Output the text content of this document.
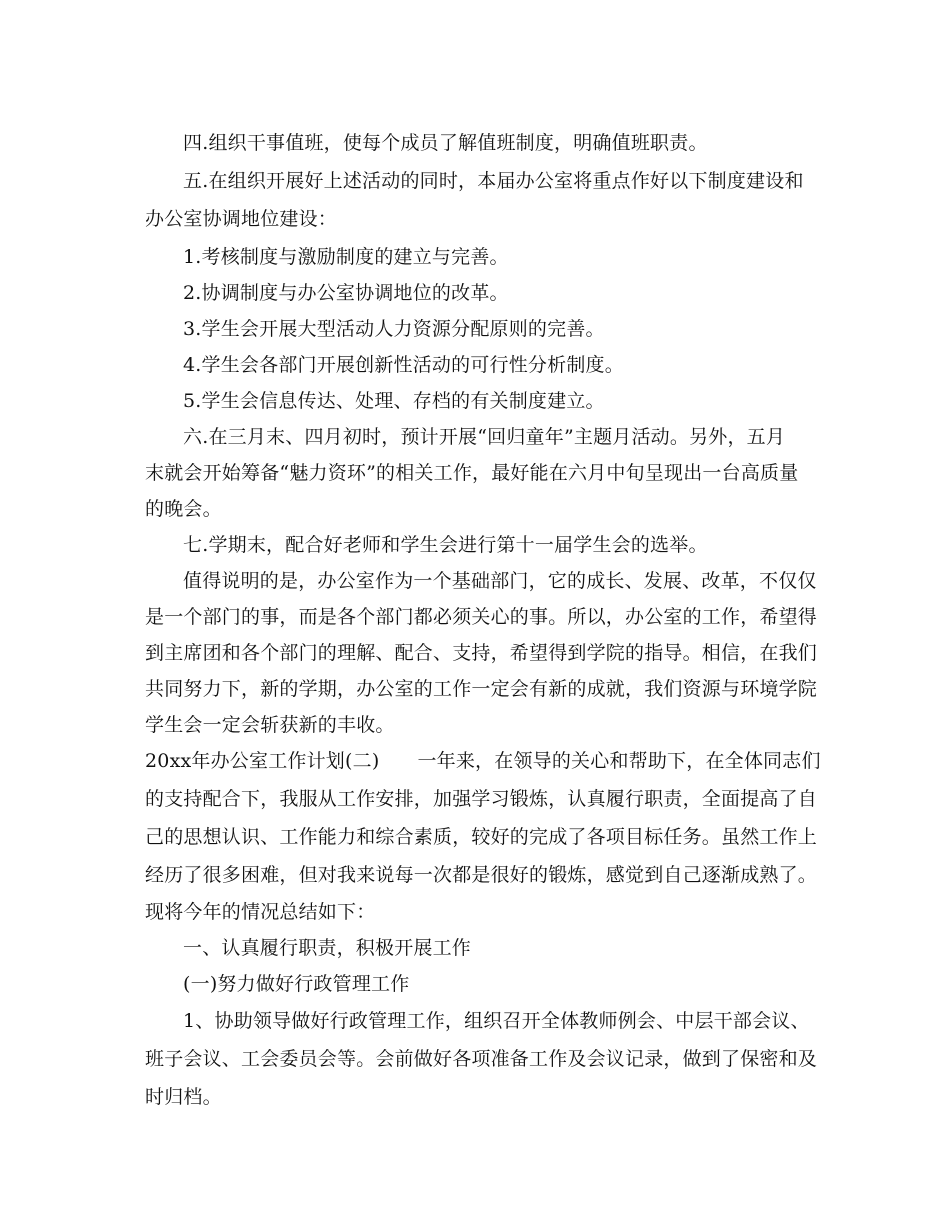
四.组织干事值班，使每个成员了解值班制度，明确值班职责。
五.在组织开展好上述活动的同时，本届办公室将重点作好以下制度建设和
办公室协调地位建设：
1.考核制度与激励制度的建立与完善。
2.协调制度与办公室协调地位的改革。
3.学生会开展大型活动人力资源分配原则的完善。
4.学生会各部门开展创新性活动的可行性分析制度。
5.学生会信息传达、处理、存档的有关制度建立。
六.在三月末、四月初时，预计开展“回归童年”主题月活动。另外，五月
末就会开始筹备“魅力资环”的相关工作，最好能在六月中旬呈现出一台高质量
的晚会。
七.学期末，配合好老师和学生会进行第十一届学生会的选举。
值得说明的是，办公室作为一个基础部门，它的成长、发展、改革，不仅仅
是一个部门的事，而是各个部门都必须关心的事。所以，办公室的工作，希望得
到主席团和各个部门的理解、配合、支持，希望得到学院的指导。相信，在我们
共同努力下，新的学期，办公室的工作一定会有新的成就，我们资源与环境学院
学生会一定会斩获新的丰收。
20xx年办公室工作计划(二) 一年来，在领导的关心和帮助下，在全体同志们
的支持配合下，我服从工作安排，加强学习锻炼，认真履行职责，全面提高了自
己的思想认识、工作能力和综合素质，较好的完成了各项目标任务。虽然工作上
经历了很多困难，但对我来说每一次都是很好的锻炼，感觉到自己逐渐成熟了。
现将今年的情况总结如下：
一、认真履行职责，积极开展工作
(一)努力做好行政管理工作
1、协助领导做好行政管理工作，组织召开全体教师例会、中层干部会议、
班子会议、工会委员会等。会前做好各项准备工作及会议记录，做到了保密和及
时归档。
